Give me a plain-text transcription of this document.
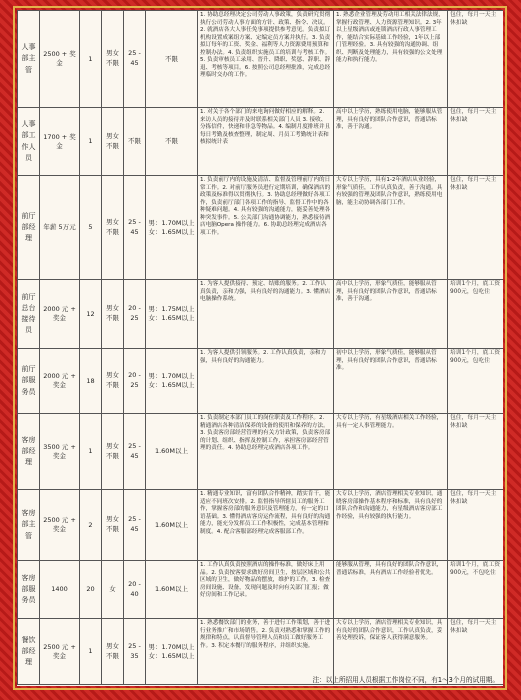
人事部主管	2500 + 奖金	1	男女不限	25 - 45	不限	1. 协助总经理决定公司劳动人事政策，负责研究贯彻执行公司劳动人事方面的方针、政策、指令、决议。2. 就酒店各大人事任免事项提供参考意见。负责拟订机构设置成案组方案、定编定员方案并执行。3. 负责拟订每年的工资、奖金、福利等人力资源费用预算和控制办法。4. 负责组织实施员工的培训与考核工作。5. 负责审核员工录用、晋升、降职、奖惩、辞职、辞退、考核等项目。6. 按照公司总经理批准，完成总经理临时交办的工作。	1. 熟悉企业管理及劳动用工相关法律法规，掌握行政管理、人力资源管理知识。2. 3年以上星级酒店或连锁酒店行政人事管理工作，能结合实际基础工作经验，1年以上部门管理经验。3. 具有较强的沟通协调、组织、判断及处理能力，具有较强的公文处理能力和执行能力。	包住，每月一天主休扣缺
人事部工作人员	1700 + 奖金	1	男女不限	不限	不限	1. 对关于各个部门的来电询问做好相应的解释。2. 来访人员的接待并及时联系相关部门人员 3. 接收、分拣信件，快递和非急等物品。4. 编制月度排班并且每日考勤及核查整理，制定周、月员工考勤统计表和核拟统计表	高中以上学历，熟练使用电脑，能够服从管理，具有良好的团队合作意识，普通话标准，善于沟通。	包住，每月一天主休扣缺
前厅部经理	年薪 5万元	5	男女不限	25 - 45	男：1.70M以上 女：1.65M以上	1. 负责前厅内的设施及清洁、监督及管理前厅内的日常工作。2. 对前厅服务员进行定期培训，确保酒店的政策及标准得以贯彻执行。3. 协助总经理做好各项工作，负责前厅部门各项工作的指导、监督工作中的各种疑难问题。4. 具有较强的沟通能力，能妥善处理各种突发事件。5. 公关部门沟通协调能力，熟悉接待酒店电脑Opera 操作能力。6. 协助总经理完成酒店各项工作。	大专以上学历，具有1-2年酒店从业经验，形象气质佳，工作认真负责，善于沟通。具有较强的管理及团队合作意识，熟练使用电脑，能主动协调各部门工作。	包住，每月一天主休扣缺
前厅总台接待员	2000 元 + 奖金	12	男女不限	20 - 25	男：1.75M以上 女：1.65M以上	1. 为客人提供接待、预定、结账的服务。2. 工作认真负责，亲和力强，具有良好的沟通能力。3. 懂酒店电脑操作系统。	高中以上学历，形象气质佳，能够服从管理，具有良好的团队合作意识，普通话标准，善于沟通。	培训1个月，底工资900元，包吃住
前厅部服务员	2000 元 + 奖金	18	男女不限	20 - 25	男：1.70M以上 女：1.65M以上	1. 为客人提供引领服务。2. 工作认真负责，亲和力强，具有良好的沟通能力。	初中以上学历，形象气质佳，能够服从管理，具有良好的团队合作意识，普通话标准。	培训1个月，底工资900元，包吃住
客房部经理	3500 元 + 奖金	1	男女不限	25 - 45	1.60M以上	1. 负责制定本部门员工的岗位职责及工作程序。2. 精通酒店各种清洁保养的设备的使用和保养的方法。3. 负责客房部经营管理的有关方针政策，负责客房部的计划、组织、指挥及控制工作，承担客房部经营管理的责任。4. 协助总经理完成酒店各项工作。	大专以上学历，有星级酒店相关工作经验，具有一定人事管理能力。	包住，每月一天主休扣缺
客房部主管	2500 元 + 奖金	2	男女不限	25 - 45	1.60M以上	1. 精通专业知识，富有团队合作精神，踏实肯干，能适应不同班次安排。2. 监督指导所辖员工的服务工作，掌握客房部的服务意识及管理能力，有一定的口语基础。3. 懂得酒店客房运作流程，具有良好的沟通能力，能充分发挥员工工作积极性，完成基本管理和制度。4. 配合客服部经理完成客服部工作。	大专以上学历，酒店管理相关专业知识，通晓客房部操作基本程序和标准，具有良好的团队合作和沟通能力，有星级酒店客房部工作经验，具有较强的执行能力。	包住，每月一天主休扣缺
客房部服务员	1400	20	女	20 - 40	1.60M以上	1. 工作认真负责按照酒店的操作标准，做好床上用品。2. 负责按客要求做好房间卫生，按层区域和公共区域的卫生，做好物品的摆放，维护的工作。3. 检查房间设施、设备，发现问题及时向有关部门汇报；做好房间和工作记录。	能够服从管理，具有良好的团队合作意识，普通话标准，具有酒店工作经验者优先。	培训1个月，底工资900元，不包吃住
餐饮部经理	2500 元 + 奖金	1	男女不限	25 - 35	男：1.70M以上 女：1.65M以上	1. 熟悉餐饮部门的业务，善于进行工作策划，善于进行业务推广和市场销售。2. 负责对熟悉和掌握工作的规律和特点，认真督导管理人员和员工做好服务工作。3. 积定本餐厅的服务程序，并组织实施。	大专以上学历，酒店管理相关专业知识，具有良好的团队合作意识，工作认真负责，妥善处理投诉，保证客人获得满意服务。	包住，每月一天主休扣缺
注：以上所招用人员根据工作岗位不同，有1～3个月的试用期。
